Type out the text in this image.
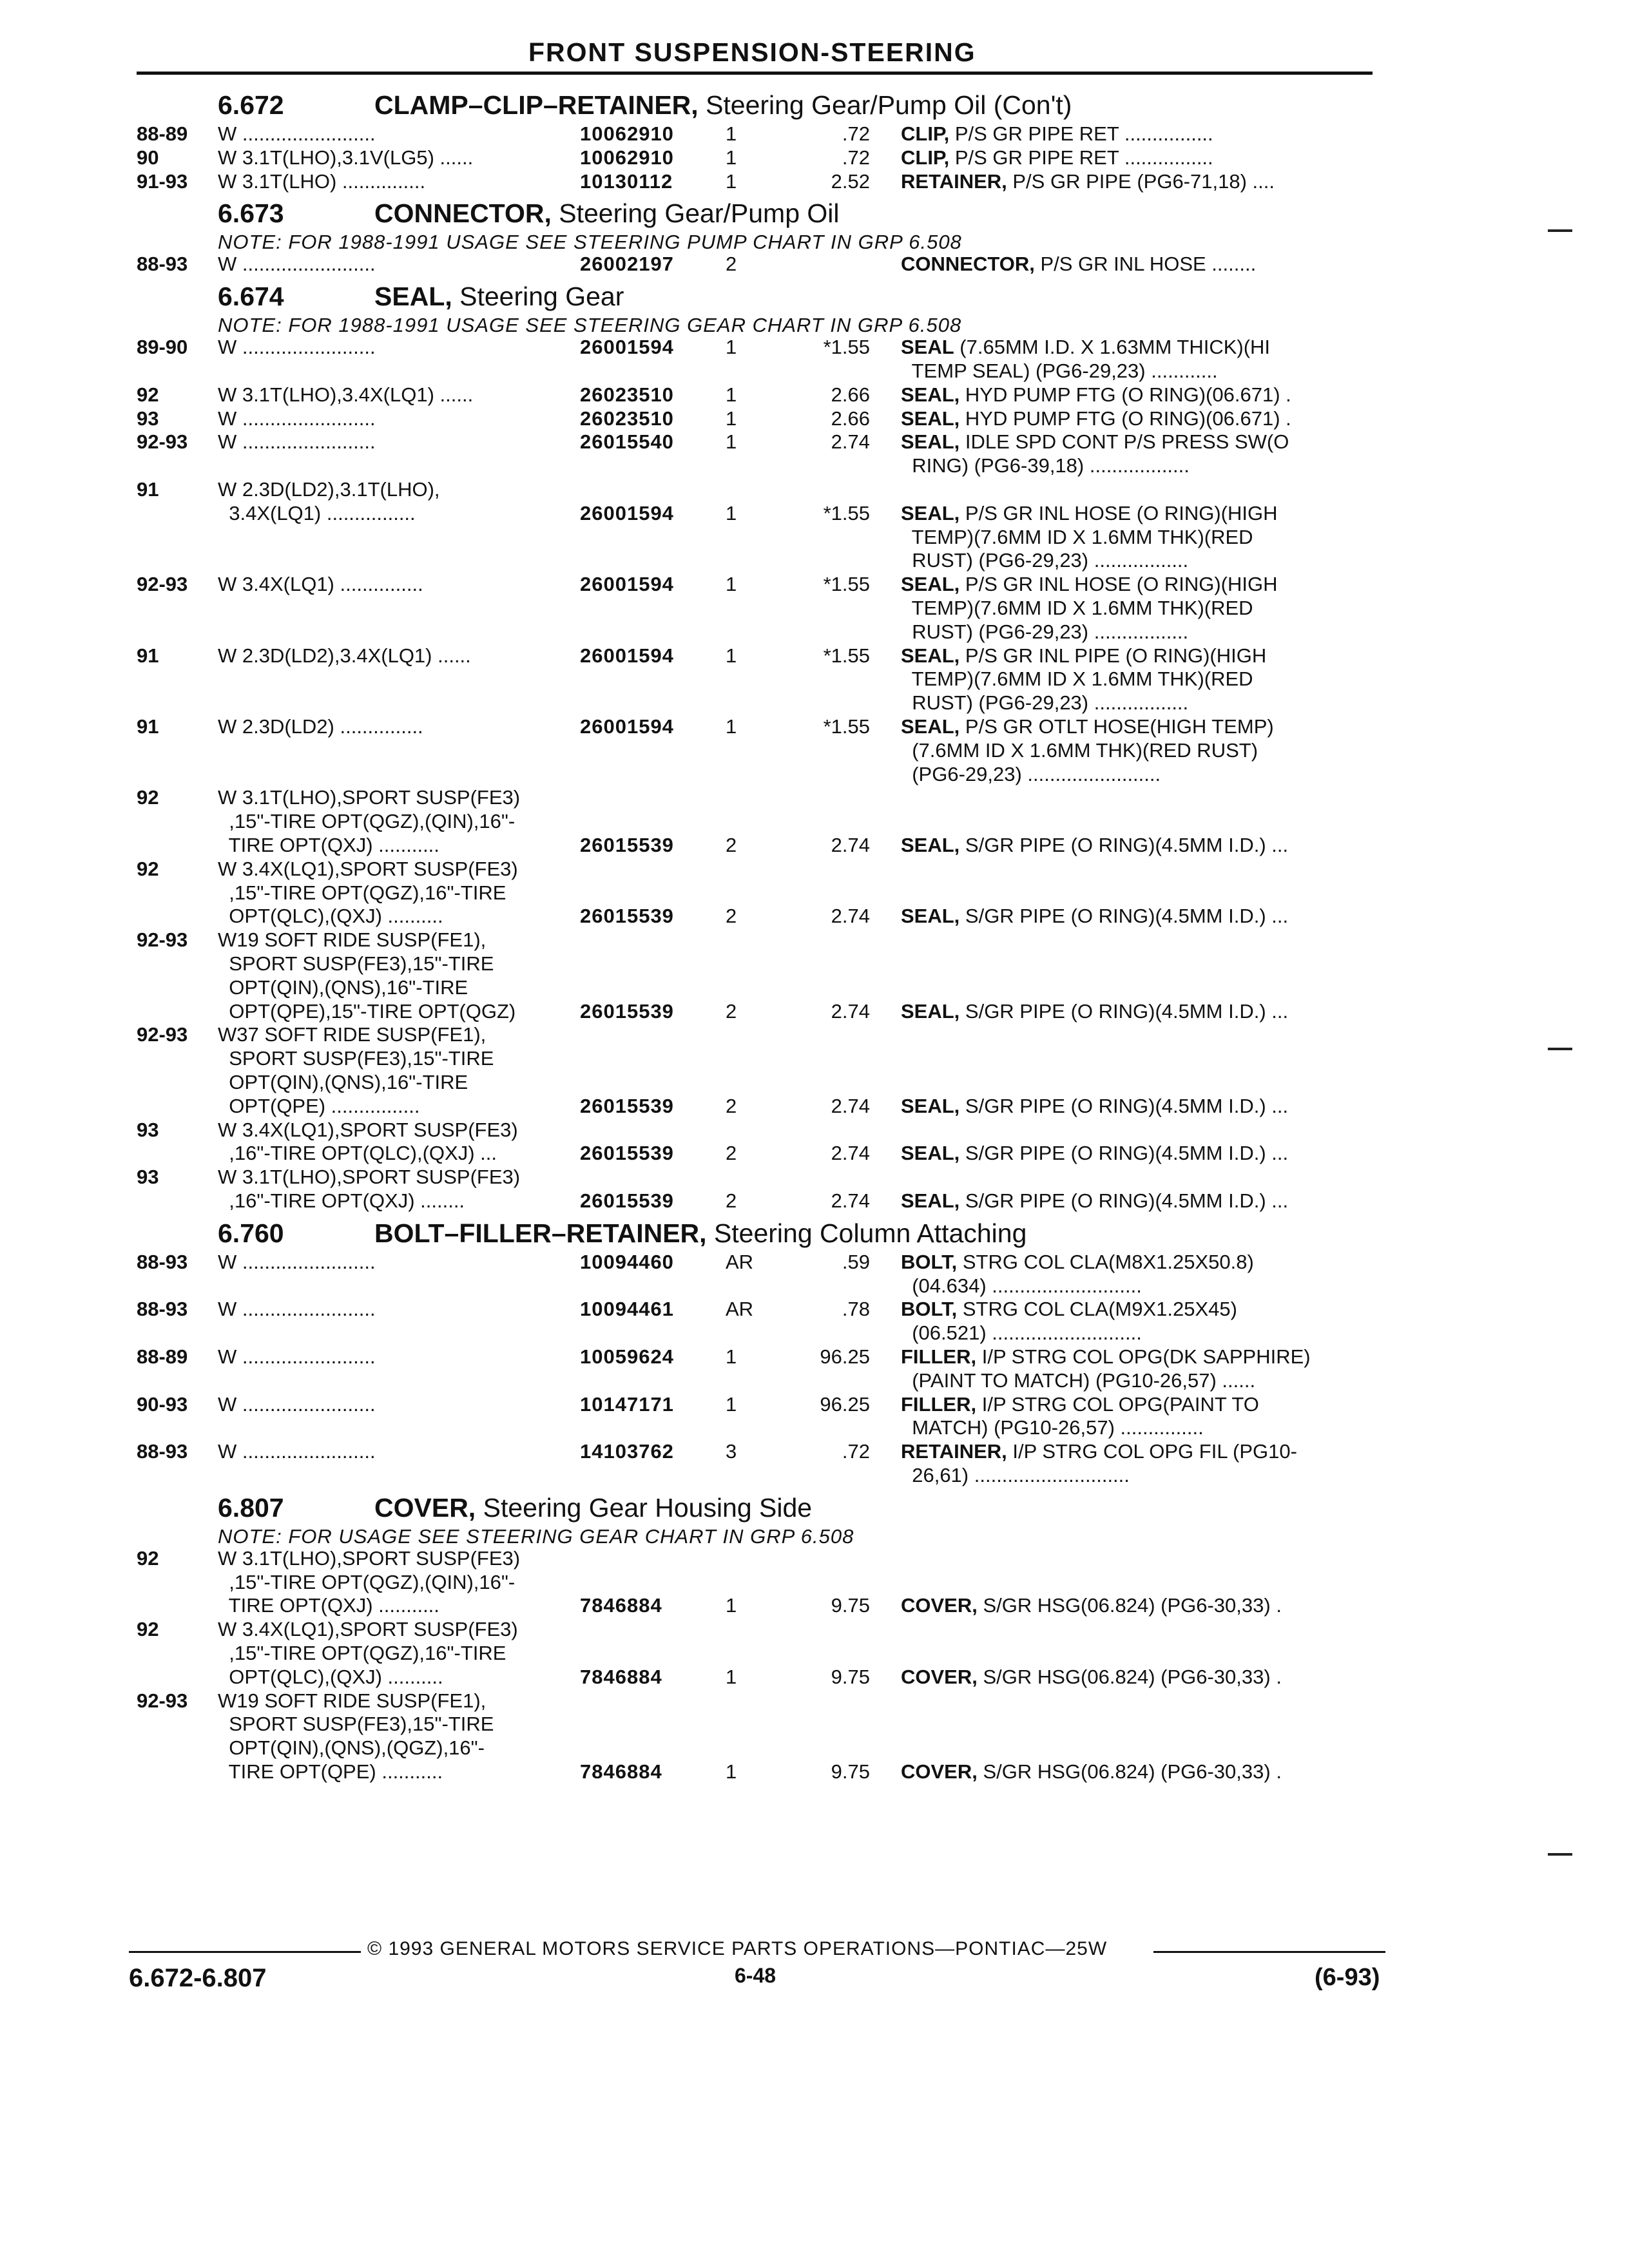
FRONT SUSPENSION-STEERING
6.672	CLAMP–CLIP–RETAINER, Steering Gear/Pump Oil (Con't)
88-89 W ........................	10062910	1	.72 CLIP, P/S GR PIPE RET ................
90	W 3.1T(LHO),3.1V(LG5) ......	10062910	1	.72 CLIP, P/S GR PIPE RET ................
91-93 W 3.1T(LHO) ...............	10130112	1	2.52 RETAINER, P/S GR PIPE (PG6-71,18) ....
6.673	CONNECTOR, Steering Gear/Pump Oil
NOTE: FOR 1988-1991 USAGE SEE STEERING PUMP CHART IN GRP 6.508
88-93 W ........................	26002197	2	CONNECTOR, P/S GR INL HOSE ........
6.674	SEAL, Steering Gear
NOTE: FOR 1988-1991 USAGE SEE STEERING GEAR CHART IN GRP 6.508
89-90 W ........................	26001594	1	*1.55 SEAL (7.65MM I.D. X 1.63MM THICK)(HI
TEMP SEAL) (PG6-29,23) ............
92	W 3.1T(LHO),3.4X(LQ1) ......	26023510	1	2.66 SEAL, HYD PUMP FTG (O RING)(06.671) .
93	W ........................	26023510	1	2.66 SEAL, HYD PUMP FTG (O RING)(06.671) .
92-93 W ........................	26015540	1	2.74 SEAL, IDLE SPD CONT P/S PRESS SW(O
RING) (PG6-39,18) ..................
91	W 2.3D(LD2),3.1T(LHO),
3.4X(LQ1) ................	26001594	1	*1.55 SEAL, P/S GR INL HOSE (O RING)(HIGH
TEMP)(7.6MM ID X 1.6MM THK)(RED
RUST) (PG6-29,23) .................
92-93 W 3.4X(LQ1) ...............	26001594	1	*1.55 SEAL, P/S GR INL HOSE (O RING)(HIGH
TEMP)(7.6MM ID X 1.6MM THK)(RED
RUST) (PG6-29,23) .................
91	W 2.3D(LD2),3.4X(LQ1) ......	26001594	1	*1.55 SEAL, P/S GR INL PIPE (O RING)(HIGH
TEMP)(7.6MM ID X 1.6MM THK)(RED
RUST) (PG6-29,23) .................
91	W 2.3D(LD2) ...............	26001594	1	*1.55 SEAL, P/S GR OTLT HOSE(HIGH TEMP)
(7.6MM ID X 1.6MM THK)(RED RUST)
(PG6-29,23) ........................
92	W 3.1T(LHO),SPORT SUSP(FE3)
,15"-TIRE OPT(QGZ),(QIN),16"-
TIRE OPT(QXJ) ...........	26015539	2	2.74 SEAL, S/GR PIPE (O RING)(4.5MM I.D.) ...
92	W 3.4X(LQ1),SPORT SUSP(FE3)
,15"-TIRE OPT(QGZ),16"-TIRE
OPT(QLC),(QXJ) ..........	26015539	2	2.74 SEAL, S/GR PIPE (O RING)(4.5MM I.D.) ...
92-93 W19 SOFT RIDE SUSP(FE1),
SPORT SUSP(FE3),15"-TIRE
OPT(QIN),(QNS),16"-TIRE
OPT(QPE),15"-TIRE OPT(QGZ)	26015539	2	2.74 SEAL, S/GR PIPE (O RING)(4.5MM I.D.) ...
92-93 W37 SOFT RIDE SUSP(FE1),
SPORT SUSP(FE3),15"-TIRE
OPT(QIN),(QNS),16"-TIRE
OPT(QPE) ................	26015539	2	2.74 SEAL, S/GR PIPE (O RING)(4.5MM I.D.) ...
93	W 3.4X(LQ1),SPORT SUSP(FE3)
,16"-TIRE OPT(QLC),(QXJ) ...	26015539	2	2.74 SEAL, S/GR PIPE (O RING)(4.5MM I.D.) ...
93	W 3.1T(LHO),SPORT SUSP(FE3)
,16"-TIRE OPT(QXJ) ........	26015539	2	2.74 SEAL, S/GR PIPE (O RING)(4.5MM I.D.) ...
6.760	BOLT–FILLER–RETAINER, Steering Column Attaching
88-93 W ........................	10094460	AR	.59 BOLT, STRG COL CLA(M8X1.25X50.8)
(04.634) ...........................
88-93 W ........................	10094461	AR	.78 BOLT, STRG COL CLA(M9X1.25X45)
(06.521) ...........................
88-89 W ........................	10059624	1	96.25 FILLER, I/P STRG COL OPG(DK SAPPHIRE)
(PAINT TO MATCH) (PG10-26,57) ......
90-93 W ........................	10147171	1	96.25 FILLER, I/P STRG COL OPG(PAINT TO
MATCH) (PG10-26,57) ...............
88-93 W ........................	14103762	3	.72 RETAINER, I/P STRG COL OPG FIL (PG10-
26,61) ............................
6.807	COVER, Steering Gear Housing Side
NOTE: FOR USAGE SEE STEERING GEAR CHART IN GRP 6.508
92	W 3.1T(LHO),SPORT SUSP(FE3)
,15"-TIRE OPT(QGZ),(QIN),16"-
TIRE OPT(QXJ) ...........	7846884	1	9.75 COVER, S/GR HSG(06.824) (PG6-30,33) .
92	W 3.4X(LQ1),SPORT SUSP(FE3)
,15"-TIRE OPT(QGZ),16"-TIRE
OPT(QLC),(QXJ) ..........	7846884	1	9.75 COVER, S/GR HSG(06.824) (PG6-30,33) .
92-93 W19 SOFT RIDE SUSP(FE1),
SPORT SUSP(FE3),15"-TIRE
OPT(QIN),(QNS),(QGZ),16"-
TIRE OPT(QPE) ...........	7846884	1	9.75 COVER, S/GR HSG(06.824) (PG6-30,33) .
© 1993 GENERAL MOTORS SERVICE PARTS OPERATIONS—PONTIAC—25W
6.672-6.807	6-48	(6-93)
